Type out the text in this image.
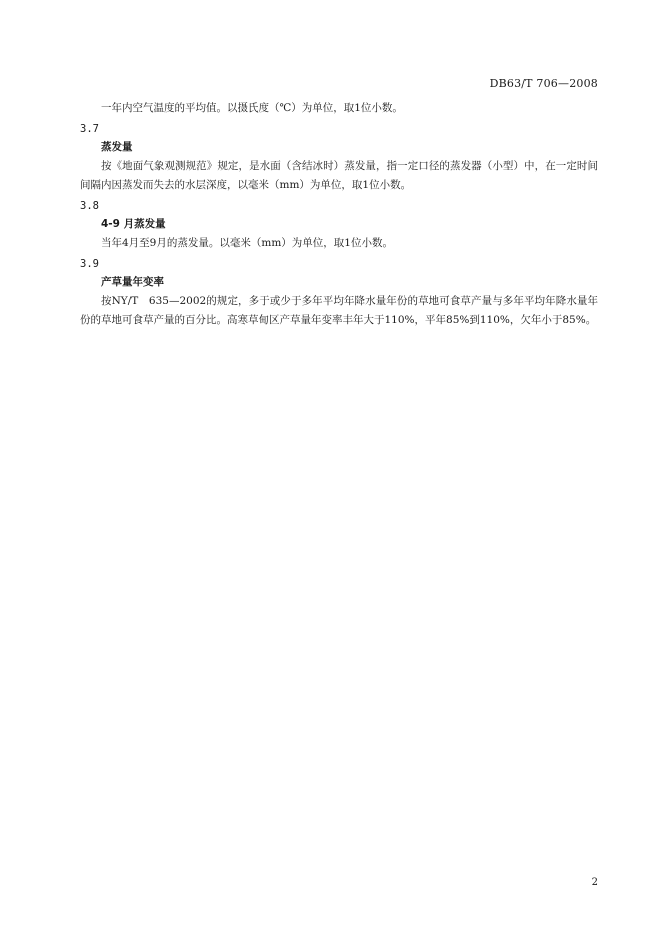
DB63/T 706—2008

一年内空气温度的平均值。以摄氏度（℃）为单位，取1位小数。

3.7

蒸发量

按《地面气象观测规范》规定，是水面（含结冰时）蒸发量，指一定口径的蒸发器（小型）中，在一定时间间隔内因蒸发而失去的水层深度，以毫米（mm）为单位，取1位小数。

3.8

4-9 月蒸发量

当年4月至9月的蒸发量。以毫米（mm）为单位，取1位小数。

3.9

产草量年变率

按NY/T　635—2002的规定，多于或少于多年平均年降水量年份的草地可食草产量与多年平均年降水量年份的草地可食草产量的百分比。高寒草甸区产草量年变率丰年大于110%，平年85%到110%，欠年小于85%。

2
